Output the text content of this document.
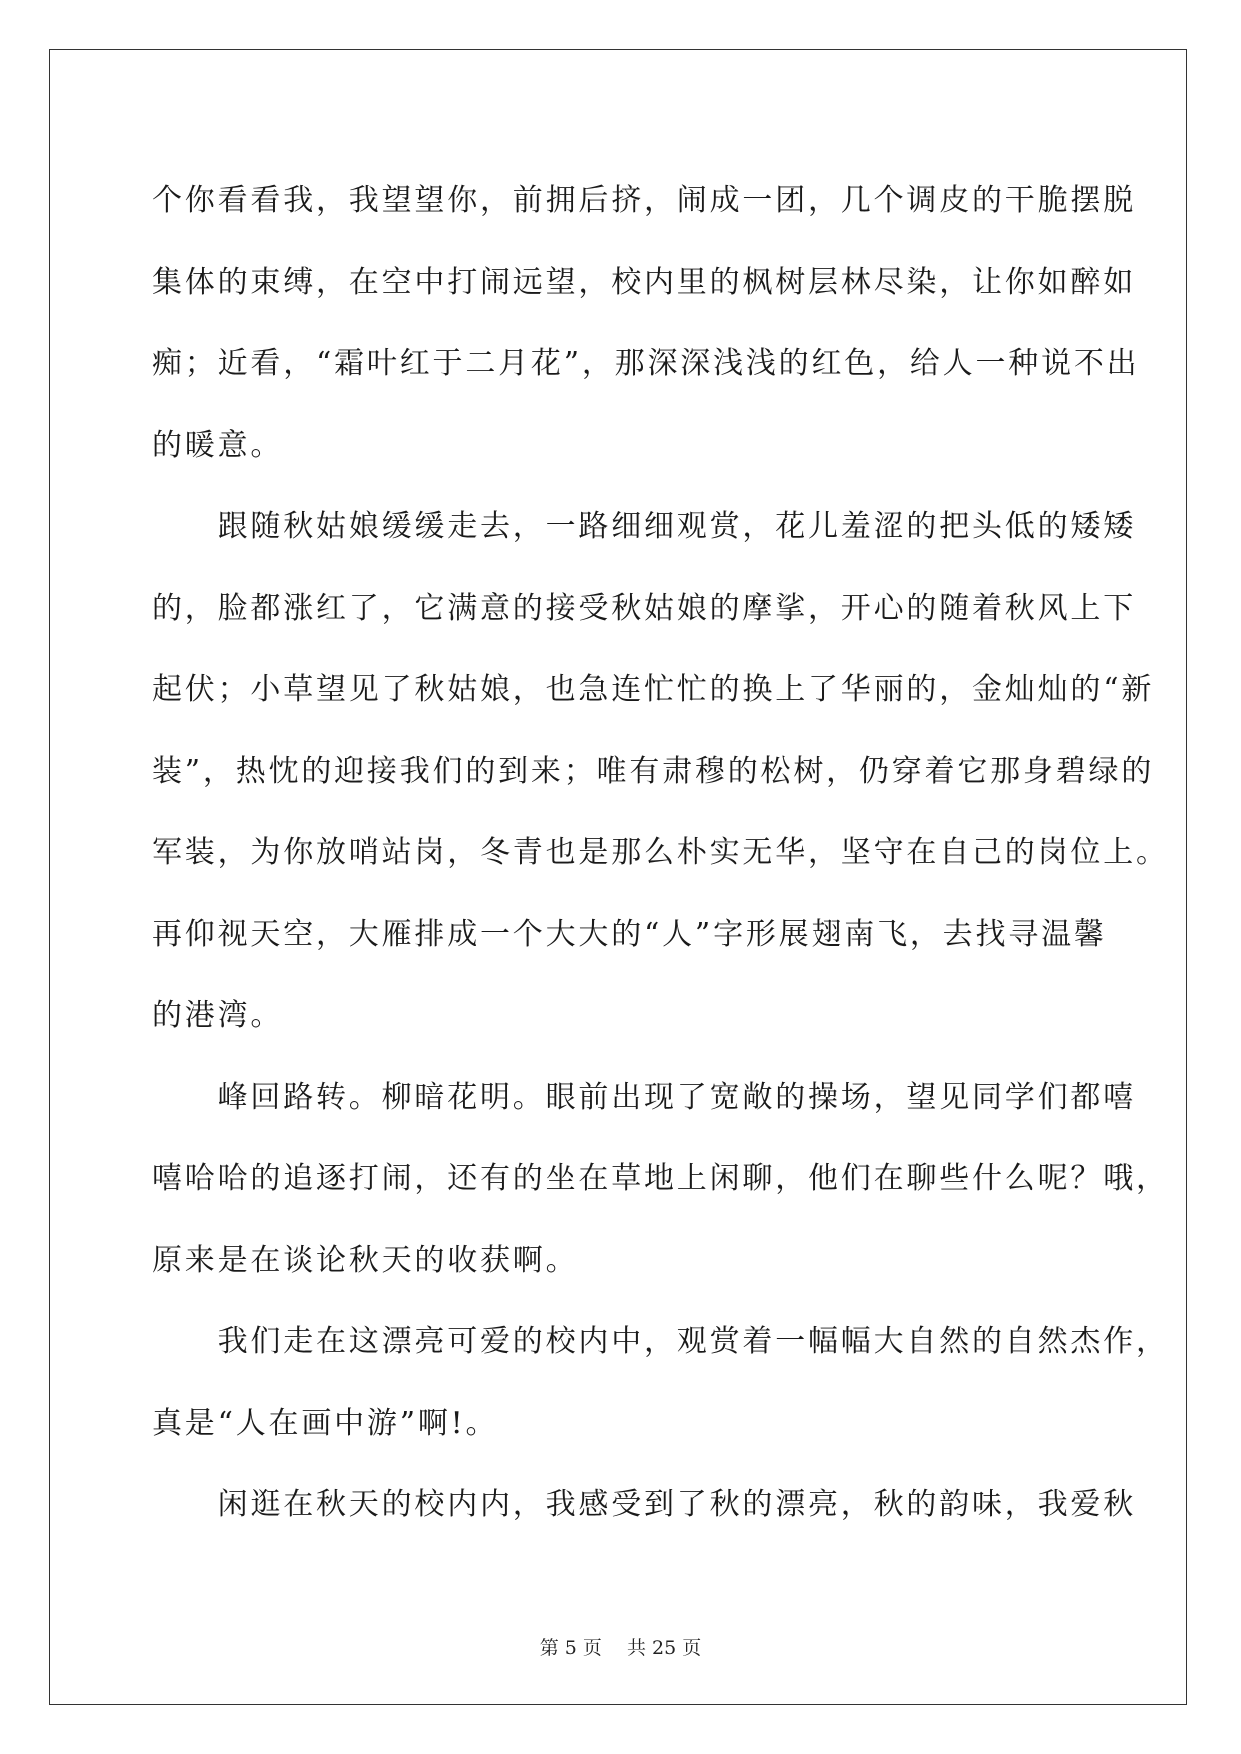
个你看看我，我望望你，前拥后挤，闹成一团，几个调皮的干脆摆脱

集体的束缚，在空中打闹远望，校内里的枫树层林尽染，让你如醉如

痴；近看，“霜叶红于二月花”，那深深浅浅的红色，给人一种说不出

的暖意。

　　跟随秋姑娘缓缓走去，一路细细观赏，花儿羞涩的把头低的矮矮

的，脸都涨红了，它满意的接受秋姑娘的摩挲，开心的随着秋风上下

起伏；小草望见了秋姑娘，也急连忙忙的换上了华丽的，金灿灿的“新

装”，热忱的迎接我们的到来；唯有肃穆的松树，仍穿着它那身碧绿的

军装，为你放哨站岗，冬青也是那么朴实无华，坚守在自己的岗位上。

再仰视天空，大雁排成一个大大的“人”字形展翅南飞，去找寻温馨

的港湾。

　　峰回路转。柳暗花明。眼前出现了宽敞的操场，望见同学们都嘻

嘻哈哈的追逐打闹，还有的坐在草地上闲聊，他们在聊些什么呢？哦，

原来是在谈论秋天的收获啊。

　　我们走在这漂亮可爱的校内中，观赏着一幅幅大自然的自然杰作，

真是“人在画中游”啊!。

　　闲逛在秋天的校内内，我感受到了秋的漂亮，秋的韵味，我爱秋

第 5 页　 共 25 页
